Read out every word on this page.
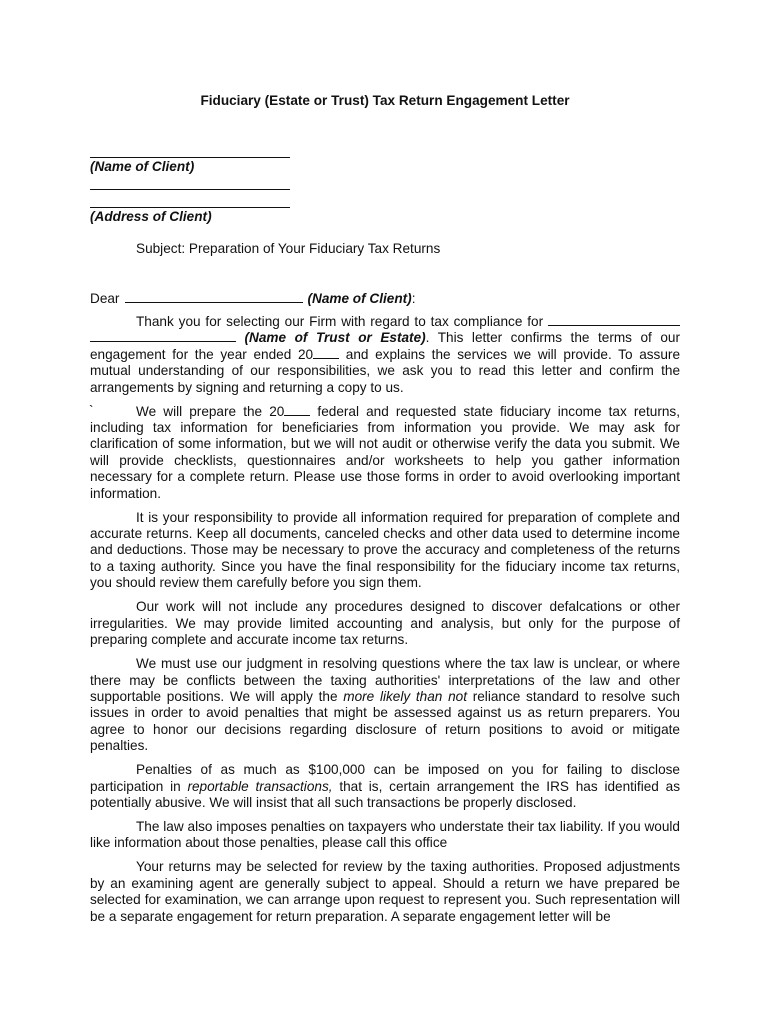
Fiduciary (Estate or Trust) Tax Return Engagement Letter
(Name of Client)
(Address of Client)
Subject: Preparation of Your Fiduciary Tax Returns
Dear	(Name of Client):
`

Thank you for selecting our Firm with regard to tax compliance for   (Name of Trust or Estate). This letter confirms the terms of our engagement for the year ended 20 and explains the services we will provide. To assure mutual understanding of our responsibilities, we ask you to read this letter and confirm the arrangements by signing and returning a copy to us.

We will prepare the 20 federal and requested state fiduciary income tax returns, including tax information for beneficiaries from information you provide. We may ask for clarification of some information, but we will not audit or otherwise verify the data you submit. We will provide checklists, questionnaires and/or worksheets to help you gather information necessary for a complete return. Please use those forms in order to avoid overlooking important information.

It is your responsibility to provide all information required for preparation of complete and accurate returns. Keep all documents, canceled checks and other data used to determine income and deductions. Those may be necessary to prove the accuracy and completeness of the returns to a taxing authority. Since you have the final responsibility for the fiduciary income tax returns, you should review them carefully before you sign them.

Our work will not include any procedures designed to discover defalcations or other irregularities. We may provide limited accounting and analysis, but only for the purpose of preparing complete and accurate income tax returns.

We must use our judgment in resolving questions where the tax law is unclear, or where there may be conflicts between the taxing authorities' interpretations of the law and other supportable positions. We will apply the more likely than not reliance standard to resolve such issues in order to avoid penalties that might be assessed against us as return preparers. You agree to honor our decisions regarding disclosure of return positions to avoid or mitigate penalties.

Penalties of as much as $100,000 can be imposed on you for failing to disclose participation in reportable transactions, that is, certain arrangement the IRS has identified as potentially abusive. We will insist that all such transactions be properly disclosed.

The law also imposes penalties on taxpayers who understate their tax liability. If you would like information about those penalties, please call this office

Your returns may be selected for review by the taxing authorities. Proposed adjustments by an examining agent are generally subject to appeal. Should a return we have prepared be selected for examination, we can arrange upon request to represent you. Such representation will be a separate engagement for return preparation. A separate engagement letter will be
